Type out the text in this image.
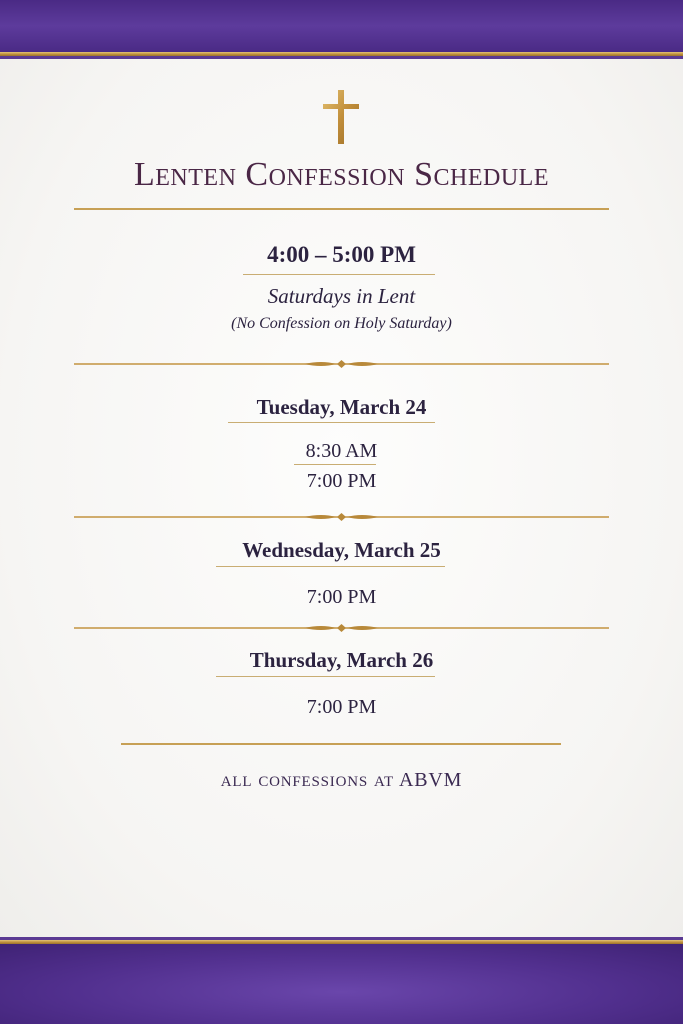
Lenten Confession Schedule
4:00 – 5:00 PM
Saturdays in Lent
(No Confession on Holy Saturday)
Tuesday, March 24
8:30 AM
7:00 PM
Wednesday, March 25
7:00 PM
Thursday, March 26
7:00 PM
all confessions at ABVM
